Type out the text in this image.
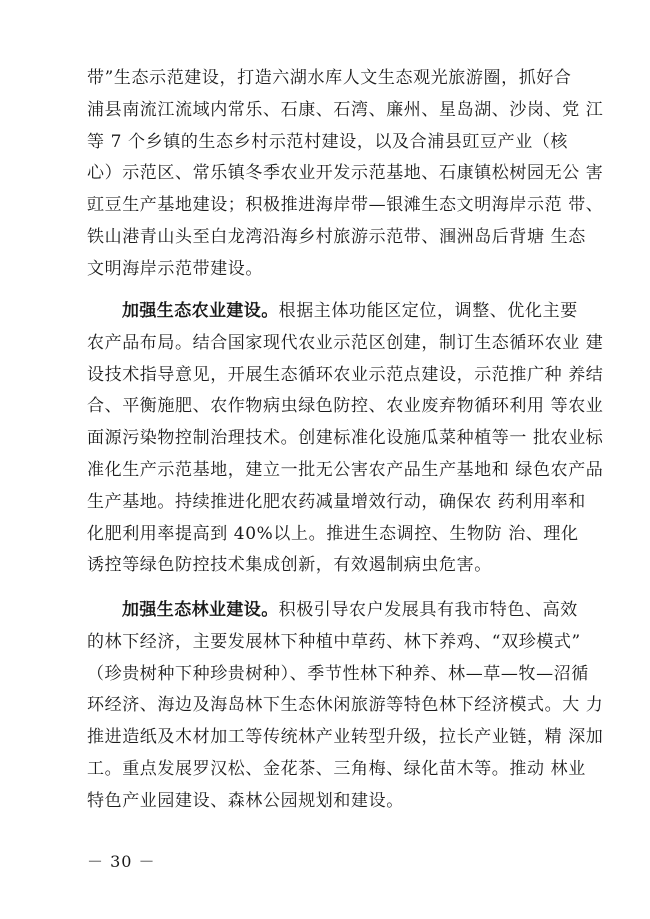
带”生态示范建设，打造六湖水库人文生态观光旅游圈，抓好合
浦县南流江流域内常乐、石康、石湾、廉州、星岛湖、沙岗、党 江
等 7 个乡镇的生态乡村示范村建设，以及合浦县豇豆产业（核
心）示范区、常乐镇冬季农业开发示范基地、石康镇松树园无公 害
豇豆生产基地建设；积极推进海岸带—银滩生态文明海岸示范 带、
铁山港青山头至白龙湾沿海乡村旅游示范带、涠洲岛后背塘 生态
文明海岸示范带建设。
加强生态农业建设。根据主体功能区定位，调整、优化主要
农产品布局。结合国家现代农业示范区创建，制订生态循环农业 建
设技术指导意见，开展生态循环农业示范点建设，示范推广种 养结
合、平衡施肥、农作物病虫绿色防控、农业废弃物循环利用 等农业
面源污染物控制治理技术。创建标准化设施瓜菜种植等一 批农业标
准化生产示范基地，建立一批无公害农产品生产基地和 绿色农产品
生产基地。持续推进化肥农药减量增效行动，确保农 药利用率和
化肥利用率提高到 40%以上。推进生态调控、生物防 治、理化
诱控等绿色防控技术集成创新，有效遏制病虫危害。
加强生态林业建设。积极引导农户发展具有我市特色、高效
的林下经济，主要发展林下种植中草药、林下养鸡、“双珍模式”
（珍贵树种下种珍贵树种）、季节性林下种养、林—草—牧—沼循
环经济、海边及海岛林下生态休闲旅游等特色林下经济模式。大 力
推进造纸及木材加工等传统林产业转型升级，拉长产业链，精 深加
工。重点发展罗汉松、金花茶、三角梅、绿化苗木等。推动 林业
特色产业园建设、森林公园规划和建设。
－ 30 －
